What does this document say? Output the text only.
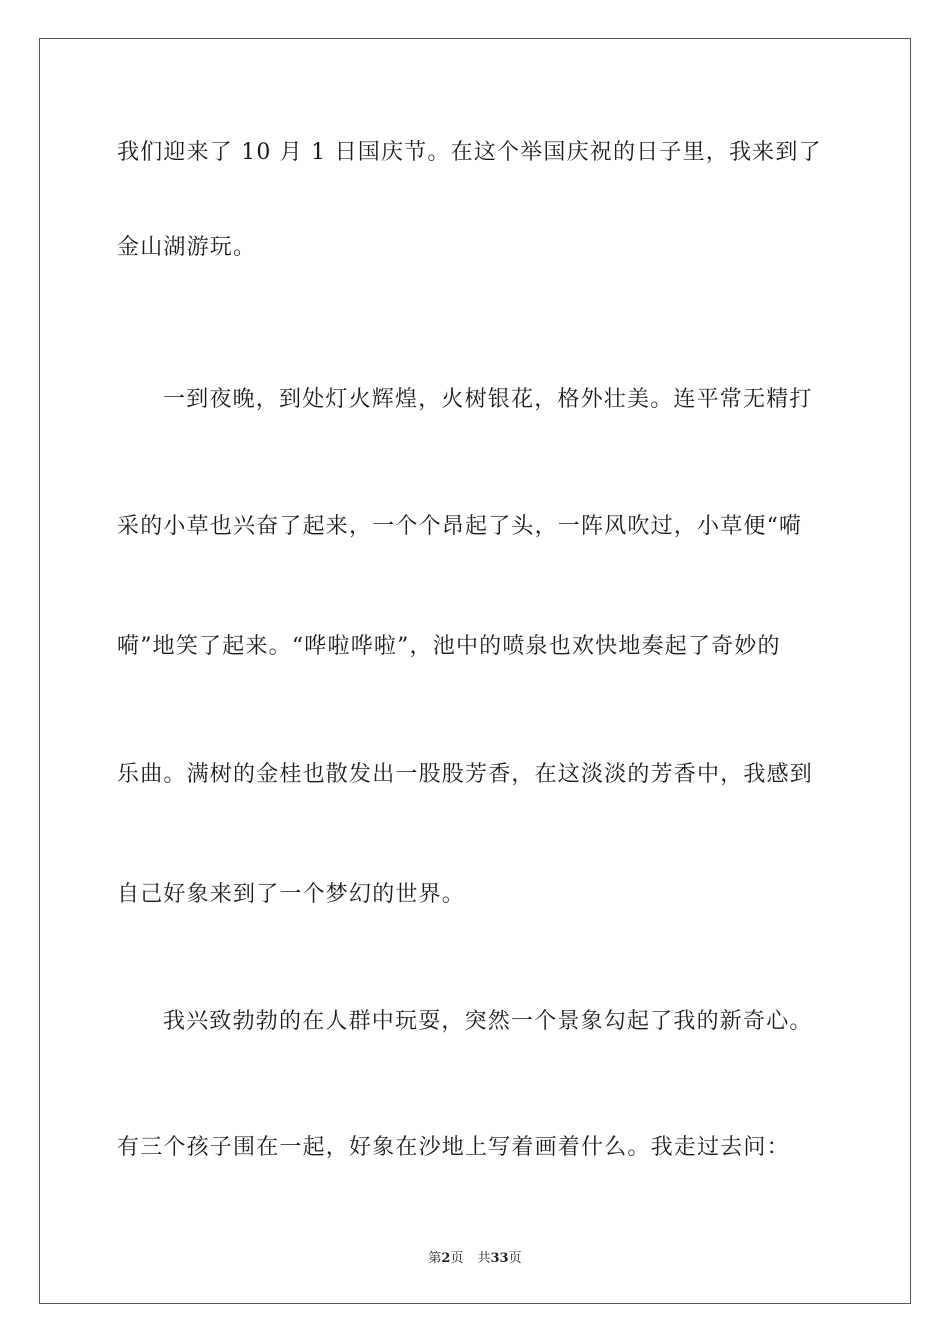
我们迎来了 10 月 1 日国庆节。在这个举国庆祝的日子里，我来到了
金山湖游玩。
一到夜晚，到处灯火辉煌，火树银花，格外壮美。连平常无精打
采的小草也兴奋了起来，一个个昂起了头，一阵风吹过，小草便“嗬
嗬”地笑了起来。“哗啦哗啦”，池中的喷泉也欢快地奏起了奇妙的
乐曲。满树的金桂也散发出一股股芳香，在这淡淡的芳香中，我感到
自己好象来到了一个梦幻的世界。
我兴致勃勃的在人群中玩耍，突然一个景象勾起了我的新奇心。
有三个孩子围在一起，好象在沙地上写着画着什么。我走过去问：
第2页 共33页
